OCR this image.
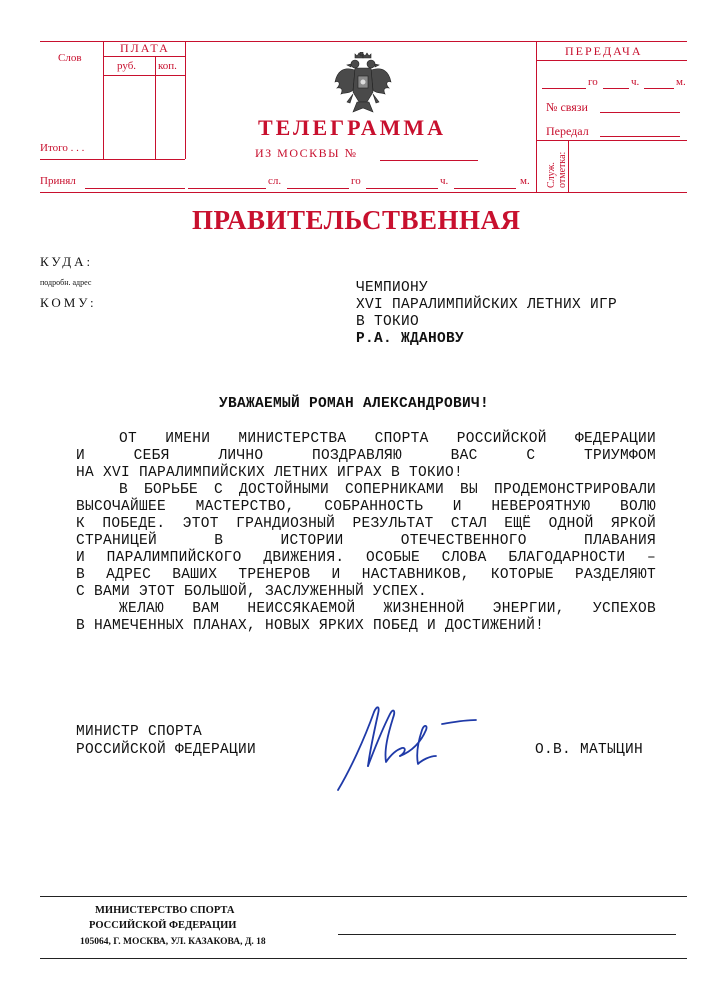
Слов
ПЛАТА
руб. коп.
Итого . . .
Принял
ТЕЛЕГРАММА
ИЗ МОСКВЫ №
сл.	го	ч.	м.
ПЕРЕДАЧА
го	ч.	м.
№ связи
Передал
Служ. отметка:
ПРАВИТЕЛЬСТВЕННАЯ
КУДА:
подробн. адрес
КОМУ:
ЧЕМПИОНУ
XVI ПАРАЛИМПИЙСКИХ ЛЕТНИХ ИГР
В ТОКИО
Р.А. ЖДАНОВУ
УВАЖАЕМЫЙ РОМАН АЛЕКСАНДРОВИЧ!
ОТ ИМЕНИ МИНИСТЕРСТВА СПОРТА РОССИЙСКОЙ ФЕДЕРАЦИИ
И СЕБЯ ЛИЧНО ПОЗДРАВЛЯЮ ВАС С ТРИУМФОМ
НА XVI ПАРАЛИМПИЙСКИХ ЛЕТНИХ ИГРАХ В ТОКИО!
В БОРЬБЕ С ДОСТОЙНЫМИ СОПЕРНИКАМИ ВЫ ПРОДЕМОНСТРИРОВАЛИ
ВЫСОЧАЙШЕЕ МАСТЕРСТВО, СОБРАННОСТЬ И НЕВЕРОЯТНУЮ ВОЛЮ
К ПОБЕДЕ. ЭТОТ ГРАНДИОЗНЫЙ РЕЗУЛЬТАТ СТАЛ ЕЩЁ ОДНОЙ ЯРКОЙ
СТРАНИЦЕЙ В ИСТОРИИ ОТЕЧЕСТВЕННОГО ПЛАВАНИЯ
И ПАРАЛИМПИЙСКОГО ДВИЖЕНИЯ. ОСОБЫЕ СЛОВА БЛАГОДАРНОСТИ –
В АДРЕС ВАШИХ ТРЕНЕРОВ И НАСТАВНИКОВ, КОТОРЫЕ РАЗДЕЛЯЮТ
С ВАМИ ЭТОТ БОЛЬШОЙ, ЗАСЛУЖЕННЫЙ УСПЕХ.
ЖЕЛАЮ ВАМ НЕИССЯКАЕМОЙ ЖИЗНЕННОЙ ЭНЕРГИИ, УСПЕХОВ
В НАМЕЧЕННЫХ ПЛАНАХ, НОВЫХ ЯРКИХ ПОБЕД И ДОСТИЖЕНИЙ!
МИНИСТР СПОРТА
РОССИЙСКОЙ ФЕДЕРАЦИИ	О.В. МАТЫЦИН
МИНИСТЕРСТВО СПОРТА
РОССИЙСКОЙ ФЕДЕРАЦИИ
105064, Г. МОСКВА, УЛ. КАЗАКОВА, Д. 18
